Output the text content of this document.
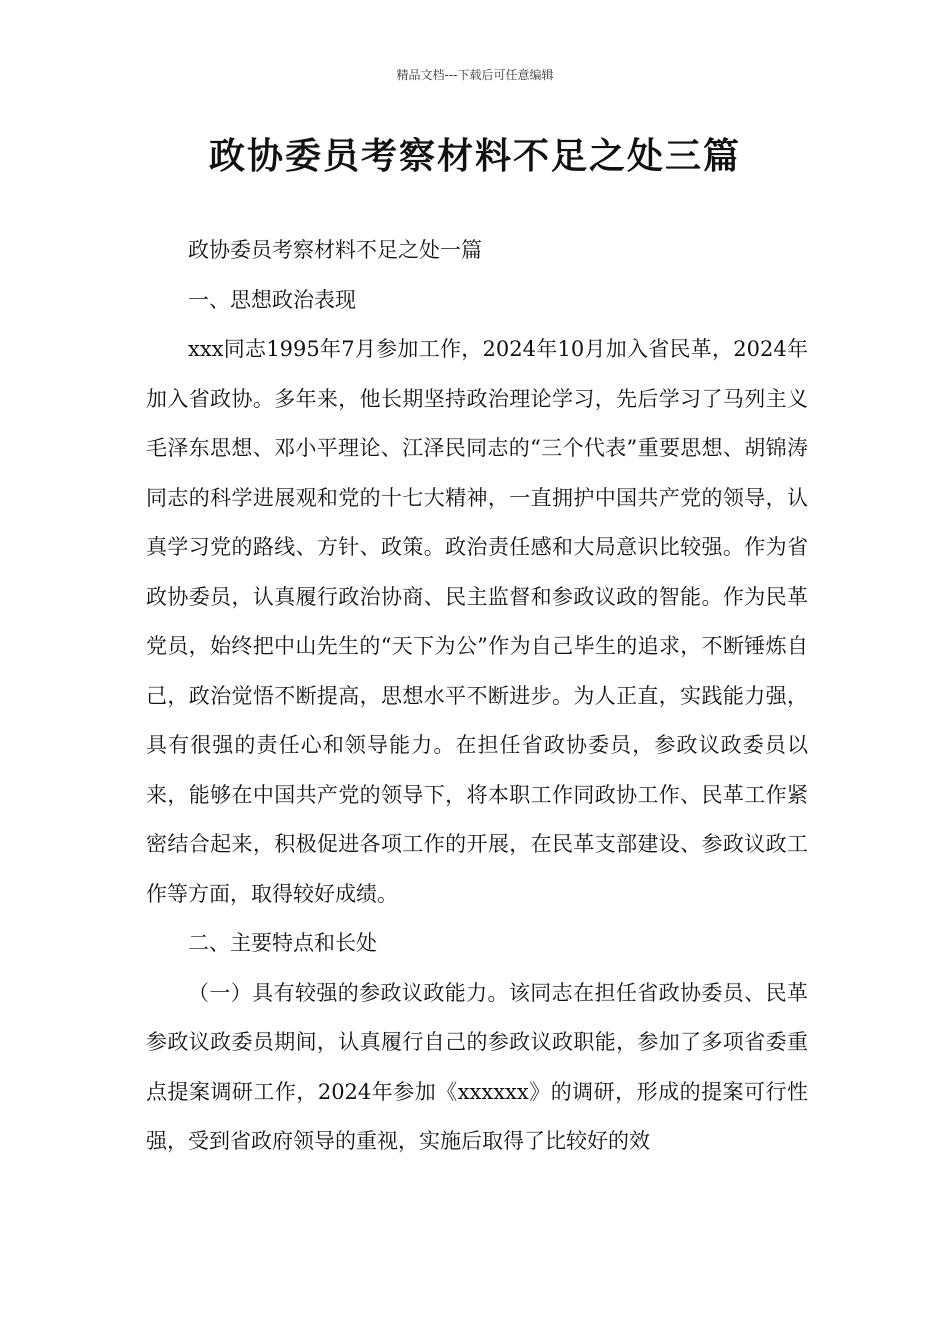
精品文档---下载后可任意编辑
政协委员考察材料不足之处三篇

政协委员考察材料不足之处一篇

一、思想政治表现

xxx同志1995年7月参加工作，2024年10月加入省民革，2024年加入省政协。多年来，他长期坚持政治理论学习，先后学习了马列主义毛泽东思想、邓小平理论、江泽民同志的“三个代表”重要思想、胡锦涛同志的科学进展观和党的十七大精神，一直拥护中国共产党的领导，认真学习党的路线、方针、政策。政治责任感和大局意识比较强。作为省政协委员，认真履行政治协商、民主监督和参政议政的智能。作为民革党员，始终把中山先生的“天下为公”作为自己毕生的追求，不断锤炼自己，政治觉悟不断提高，思想水平不断进步。为人正直，实践能力强，具有很强的责任心和领导能力。在担任省政协委员，参政议政委员以来，能够在中国共产党的领导下，将本职工作同政协工作、民革工作紧密结合起来，积极促进各项工作的开展，在民革支部建设、参政议政工作等方面，取得较好成绩。

二、主要特点和长处

（一）具有较强的参政议政能力。该同志在担任省政协委员、民革参政议政委员期间，认真履行自己的参政议政职能，参加了多项省委重点提案调研工作，2024年参加《xxxxxx》的调研，形成的提案可行性强，受到省政府领导的重视，实施后取得了比较好的效
